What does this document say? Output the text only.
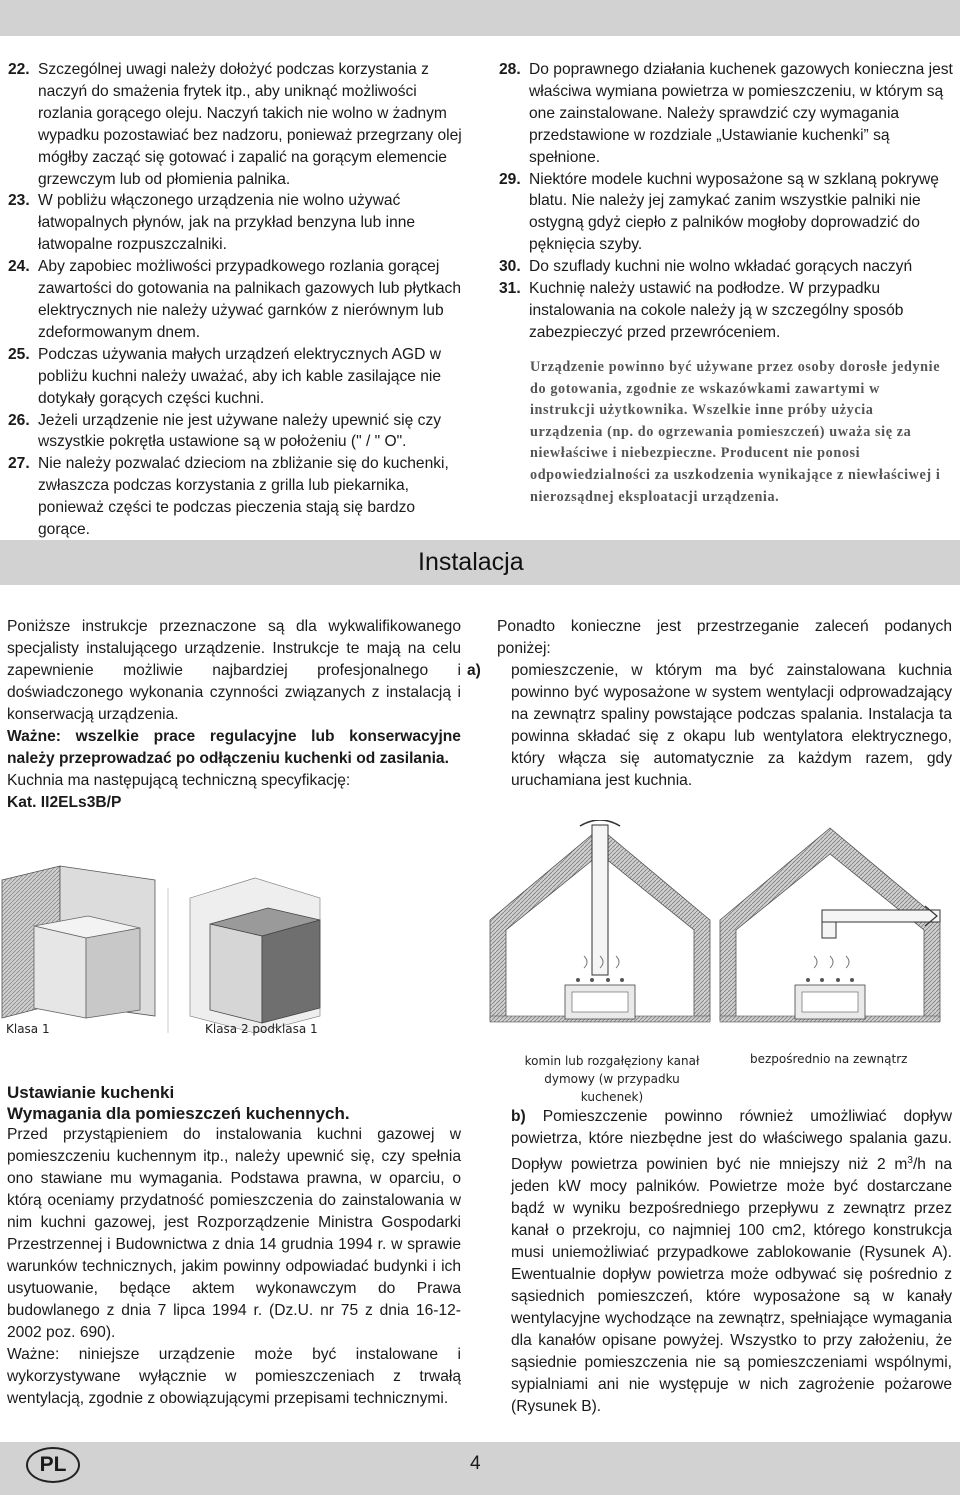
22. Szczególnej uwagi należy dołożyć podczas korzystania z naczyń do smażenia frytek itp., aby uniknąć możliwości rozlania gorącego oleju. Naczyń takich nie wolno w żadnym wypadku pozostawiać bez nadzoru, ponieważ przegrzany olej mógłby zacząć się gotować i zapalić na gorącym elemencie grzewczym lub od płomienia palnika.

23. W pobliżu włączonego urządzenia nie wolno używać łatwopalnych płynów, jak na przykład benzyna lub inne łatwopalne rozpuszczalniki.

24. Aby zapobiec możliwości przypadkowego rozlania gorącej zawartości do gotowania na palnikach gazowych lub płytkach elektrycznych nie należy używać garnków z nierównym lub zdeformowanym dnem.

25. Podczas używania małych urządzeń elektrycznych AGD w pobliżu kuchni należy uważać, aby ich kable zasilające nie dotykały gorących części kuchni.

26. Jeżeli urządzenie nie jest używane należy upewnić się czy wszystkie pokrętła ustawione są w położeniu (" / " O".

27. Nie należy pozwalać dzieciom na zbliżanie się do kuchenki, zwłaszcza podczas korzystania z grilla lub piekarnika, ponieważ części te podczas pieczenia stają się bardzo gorące.

28. Do poprawnego działania kuchenek gazowych konieczna jest właściwa wymiana powietrza w pomieszczeniu, w którym są one zainstalowane. Należy sprawdzić czy wymagania przedstawione w rozdziale „Ustawianie kuchenki” są spełnione.

29. Niektóre modele kuchni wyposażone są w szklaną pokrywę blatu. Nie należy jej zamykać zanim wszystkie palniki nie ostygną gdyż ciepło z palników mogłoby doprowadzić do pęknięcia szyby.

30. Do szuflady kuchni nie wolno wkładać gorących naczyń

31. Kuchnię należy ustawić na podłodze. W przypadku instalowania na cokole należy ją w szczególny sposób zabezpieczyć przed przewróceniem.

Urządzenie powinno być używane przez osoby dorosłe jedynie do gotowania, zgodnie ze wskazówkami zawartymi w instrukcji użytkownika. Wszelkie inne próby użycia urządzenia (np. do ogrzewania pomieszczeń) uważa się za niewłaściwe i niebezpieczne. Producent nie ponosi odpowiedzialności za uszkodzenia wynikające z niewłaściwej i nierozsądnej eksploatacji urządzenia.
Instalacja

Poniższe instrukcje przeznaczone są dla wykwalifikowanego specjalisty instalującego urządzenie. Instrukcje te mają na celu zapewnienie możliwie najbardziej profesjonalnego i doświadczonego wykonania czynności związanych z instalacją i konserwacją urządzenia.

Ważne: wszelkie prace regulacyjne lub konserwacyjne należy przeprowadzać po odłączeniu kuchenki od zasilania.

Kuchnia ma następującą techniczną specyfikację:

Kat. II2ELs3B/P

Ponadto konieczne jest przestrzeganie zaleceń podanych poniżej:

a) pomieszczenie, w którym ma być zainstalowana kuchnia powinno być wyposażone w system wentylacji odprowadzający na zewnątrz spaliny powstające podczas spalania. Instalacja ta powinna składać się z okapu lub wentylatora elektrycznego, który włącza się automatycznie za każdym razem, gdy uruchamiana jest kuchnia.

Klasa 1	Klasa 2 podklasa 1
komin lub rozgałęziony kanał dymowy (w przypadku kuchenek)
bezpośrednio na zewnątrz
Ustawianie kuchenki
Wymagania dla pomieszczeń kuchennych.

Przed przystąpieniem do instalowania kuchni gazowej w pomieszczeniu kuchennym itp., należy upewnić się, czy spełnia ono stawiane mu wymagania. Podstawa prawna, w oparciu, o którą oceniamy przydatność pomieszczenia do zainstalowania w nim kuchni gazowej, jest Rozporządzenie Ministra Gospodarki Przestrzennej i Budownictwa z dnia 14 grudnia 1994 r. w sprawie warunków technicznych, jakim powinny odpowiadać budynki i ich usytuowanie, będące aktem wykonawczym do Prawa budowlanego z dnia 7 lipca 1994 r. (Dz.U. nr 75 z dnia 16-12-2002 poz. 690).

Ważne: niniejsze urządzenie może być instalowane i wykorzystywane wyłącznie w pomieszczeniach z trwałą wentylacją, zgodnie z obowiązującymi przepisami technicznymi.

b) Pomieszczenie powinno również umożliwiać dopływ powietrza, które niezbędne jest do właściwego spalania gazu. Dopływ powietrza powinien być nie mniejszy niż 2 $m^3/h$ na jeden kW mocy palników. Powietrze może być dostarczane bądź w wyniku bezpośredniego przepływu z zewnątrz przez kanał o przekroju, co najmniej 100 cm2, którego konstrukcja musi uniemożliwiać przypadkowe zablokowanie (Rysunek A). Ewentualnie dopływ powietrza może odbywać się pośrednio z sąsiednich pomieszczeń, które wyposażone są w kanały wentylacyjne wychodzące na zewnątrz, spełniające wymagania dla kanałów opisane powyżej. Wszystko to przy założeniu, że sąsiednie pomieszczenia nie są pomieszczeniami wspólnymi, sypialniami ani nie występuje w nich zagrożenie pożarowe (Rysunek B).

PL	4
